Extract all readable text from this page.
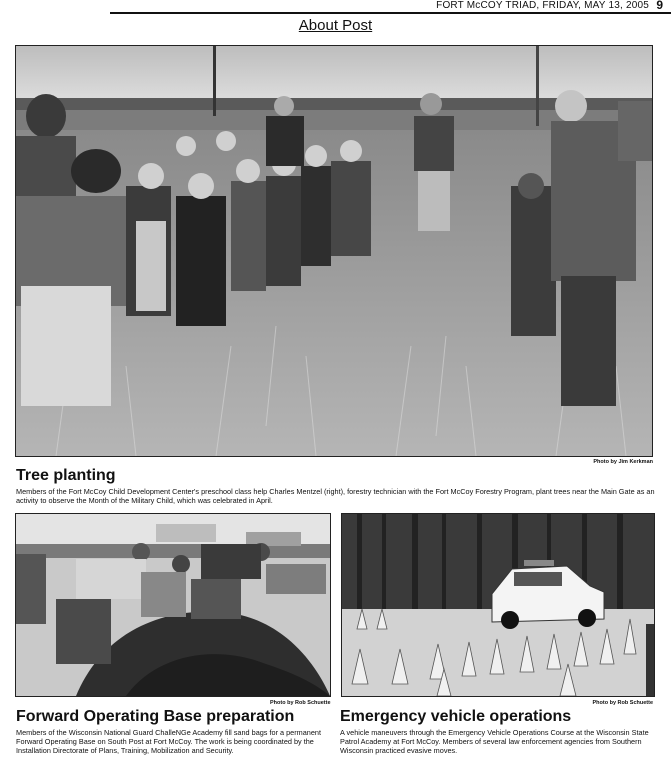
FORT McCOY TRIAD, FRIDAY, MAY 13, 2005 9
About Post
Photo by Jim Kerkman
Tree planting
Members of the Fort McCoy Child Development Center's preschool class help Charles Mentzel (right), forestry technician with the Fort McCoy Forestry Program, plant trees near the Main Gate as an activity to observe the Month of the Military Child, which was celebrated in April.
Photo by Rob Schuette
Forward Operating Base preparation
Members of the Wisconsin National Guard ChalleNGe Academy fill sand bags for a permanent Forward Operating Base on South Post at Fort McCoy. The work is being coordinated by the Installation Directorate of Plans, Training, Mobilization and Security.
Photo by Rob Schuette
Emergency vehicle operations
A vehicle maneuvers through the Emergency Vehicle Operations Course at the Wisconsin State Patrol Academy at Fort McCoy. Members of several law enforcement agencies from Southern Wisconsin practiced evasive moves.
